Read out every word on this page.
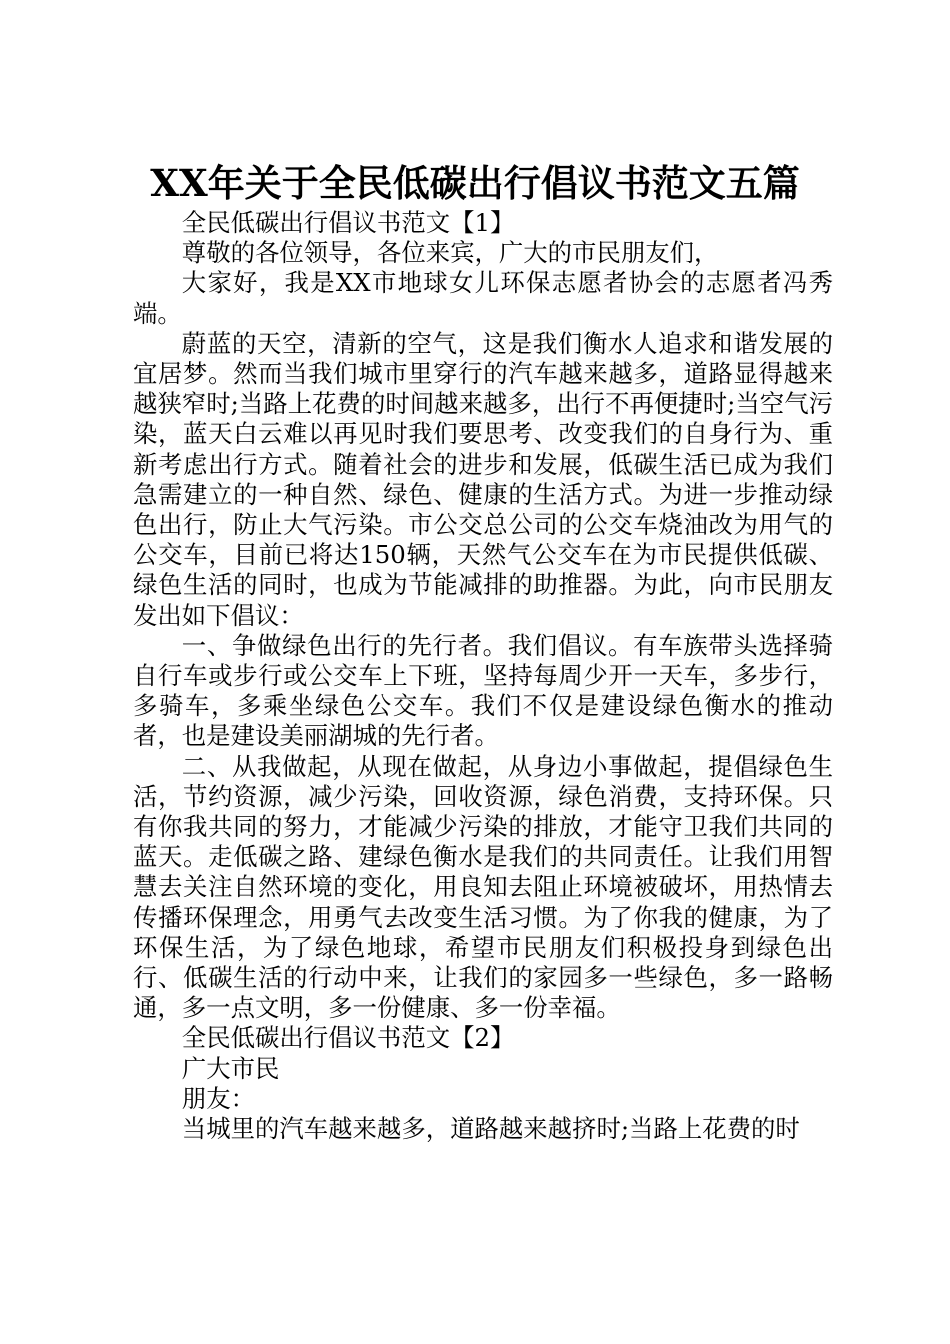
XX年关于全民低碳出行倡议书范文五篇

全民低碳出行倡议书范文【1】

尊敬的各位领导，各位来宾，广大的市民朋友们，

大家好，我是XX市地球女儿环保志愿者协会的志愿者冯秀端。

蔚蓝的天空，清新的空气，这是我们衡水人追求和谐发展的宜居梦。然而当我们城市里穿行的汽车越来越多，道路显得越来越狭窄时;当路上花费的时间越来越多，出行不再便捷时;当空气污染，蓝天白云难以再见时我们要思考、改变我们的自身行为、重新考虑出行方式。随着社会的进步和发展，低碳生活已成为我们急需建立的一种自然、绿色、健康的生活方式。为进一步推动绿色出行，防止大气污染。市公交总公司的公交车烧油改为用气的公交车，目前已将达150辆，天然气公交车在为市民提供低碳、绿色生活的同时，也成为节能减排的助推器。为此，向市民朋友发出如下倡议：

一、争做绿色出行的先行者。我们倡议。有车族带头选择骑自行车或步行或公交车上下班，坚持每周少开一天车，多步行，多骑车，多乘坐绿色公交车。我们不仅是建设绿色衡水的推动者，也是建设美丽湖城的先行者。

二、从我做起，从现在做起，从身边小事做起，提倡绿色生活，节约资源，减少污染，回收资源，绿色消费，支持环保。只有你我共同的努力，才能减少污染的排放，才能守卫我们共同的蓝天。走低碳之路、建绿色衡水是我们的共同责任。让我们用智慧去关注自然环境的变化，用良知去阻止环境被破坏，用热情去传播环保理念，用勇气去改变生活习惯。为了你我的健康，为了环保生活，为了绿色地球，希望市民朋友们积极投身到绿色出行、低碳生活的行动中来，让我们的家园多一些绿色，多一路畅通，多一点文明，多一份健康、多一份幸福。

全民低碳出行倡议书范文【2】

广大市民

朋友：

当城里的汽车越来越多，道路越来越挤时;当路上花费的时
